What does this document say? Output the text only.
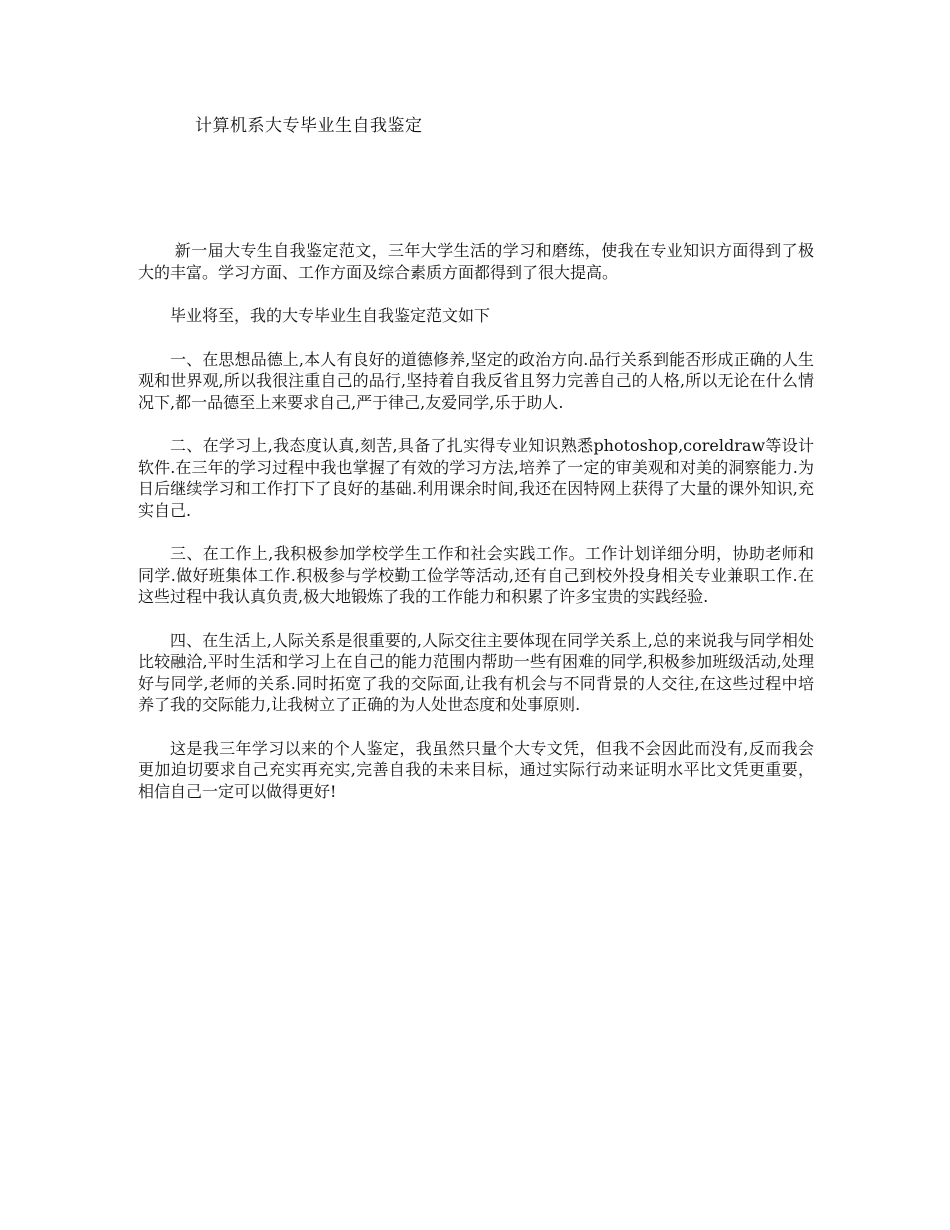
计算机系大专毕业生自我鉴定

新一届大专生自我鉴定范文，三年大学生活的学习和磨练，使我在专业知识方面得到了极大的丰富。学习方面、工作方面及综合素质方面都得到了很大提高。

毕业将至，我的大专毕业生自我鉴定范文如下

一、在思想品德上,本人有良好的道德修养,坚定的政治方向.品行关系到能否形成正确的人生观和世界观,所以我很注重自己的品行,坚持着自我反省且努力完善自己的人格,所以无论在什么情况下,都一品德至上来要求自己,严于律己,友爱同学,乐于助人.

二、在学习上,我态度认真,刻苦,具备了扎实得专业知识熟悉photoshop,coreldraw等设计软件.在三年的学习过程中我也掌握了有效的学习方法,培养了一定的审美观和对美的洞察能力.为日后继续学习和工作打下了良好的基础.利用课余时间,我还在因特网上获得了大量的课外知识,充实自己.

三、在工作上,我积极参加学校学生工作和社会实践工作。工作计划详细分明，协助老师和同学.做好班集体工作.积极参与学校勤工俭学等活动,还有自己到校外投身相关专业兼职工作.在这些过程中我认真负责,极大地锻炼了我的工作能力和积累了许多宝贵的实践经验.

四、在生活上,人际关系是很重要的,人际交往主要体现在同学关系上,总的来说我与同学相处比较融洽,平时生活和学习上在自己的能力范围内帮助一些有困难的同学,积极参加班级活动,处理好与同学,老师的关系.同时拓宽了我的交际面,让我有机会与不同背景的人交往,在这些过程中培养了我的交际能力,让我树立了正确的为人处世态度和处事原则.

这是我三年学习以来的个人鉴定，我虽然只量个大专文凭，但我不会因此而没有,反而我会更加迫切要求自己充实再充实,完善自我的未来目标，通过实际行动来证明水平比文凭更重要，相信自己一定可以做得更好!
